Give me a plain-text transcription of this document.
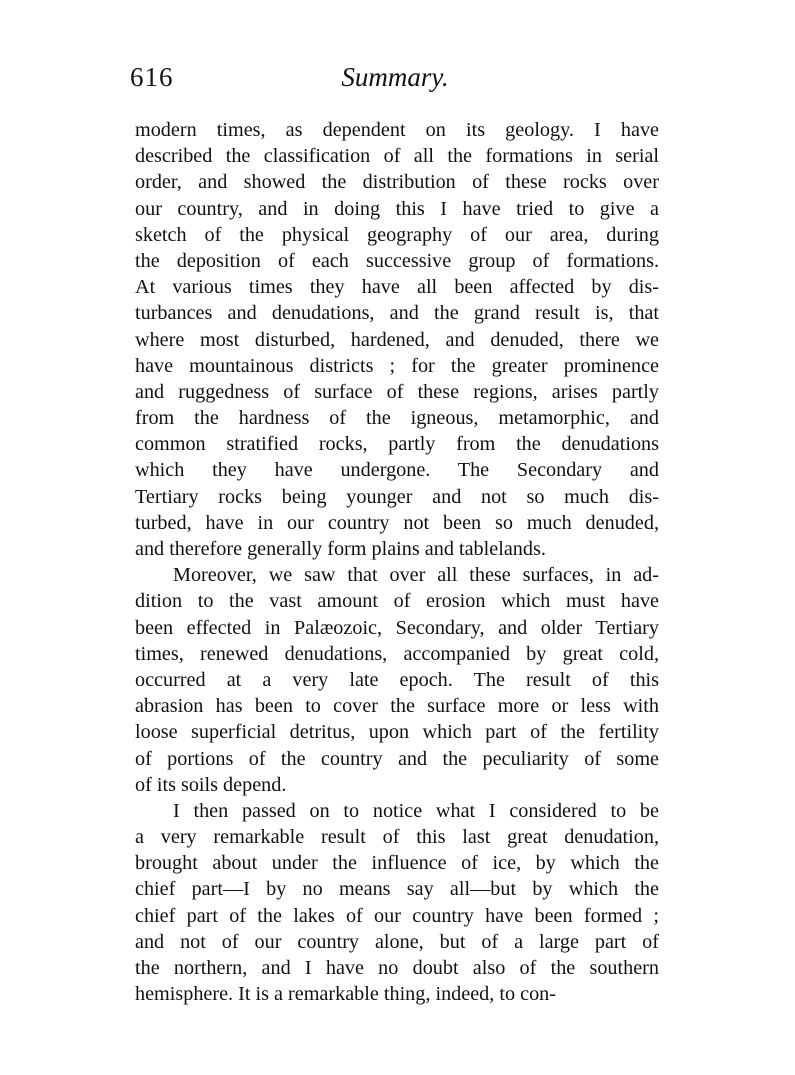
616	Summary.
modern times, as dependent on its geology. I have
described the classification of all the formations in serial
order, and showed the distribution of these rocks over
our country, and in doing this I have tried to give a
sketch of the physical geography of our area, during
the deposition of each successive group of formations.
At various times they have all been affected by dis-
turbances and denudations, and the grand result is, that
where most disturbed, hardened, and denuded, there we
have mountainous districts ; for the greater prominence
and ruggedness of surface of these regions, arises partly
from the hardness of the igneous, metamorphic, and
common stratified rocks, partly from the denudations
which they have undergone. The Secondary and
Tertiary rocks being younger and not so much dis-
turbed, have in our country not been so much denuded,
and therefore generally form plains and tablelands.
Moreover, we saw that over all these surfaces, in ad-
dition to the vast amount of erosion which must have
been effected in Palæozoic, Secondary, and older Tertiary
times, renewed denudations, accompanied by great cold,
occurred at a very late epoch. The result of this
abrasion has been to cover the surface more or less with
loose superficial detritus, upon which part of the fertility
of portions of the country and the peculiarity of some
of its soils depend.
I then passed on to notice what I considered to be
a very remarkable result of this last great denudation,
brought about under the influence of ice, by which the
chief part—I by no means say all—but by which the
chief part of the lakes of our country have been formed ;
and not of our country alone, but of a large part of
the northern, and I have no doubt also of the southern
hemisphere. It is a remarkable thing, indeed, to con-
